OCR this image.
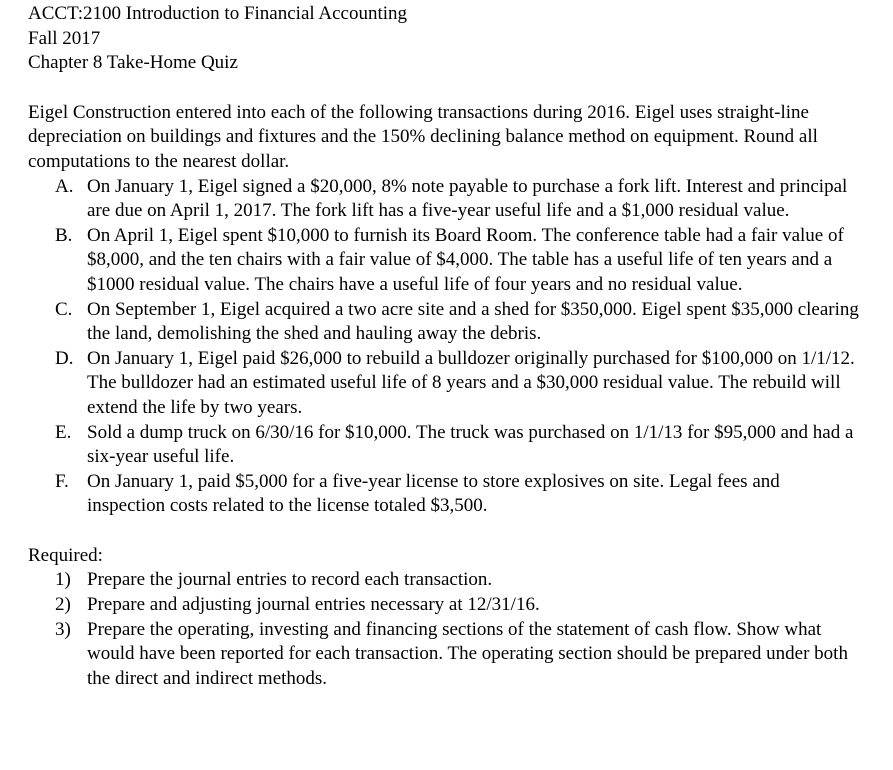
ACCT:2100 Introduction to Financial Accounting
Fall 2017
Chapter 8 Take-Home Quiz

Eigel Construction entered into each of the following transactions during 2016. Eigel uses straight-line depreciation on buildings and fixtures and the 150% declining balance method on equipment. Round all computations to the nearest dollar.

A. On January 1, Eigel signed a $20,000, 8% note payable to purchase a fork lift. Interest and principal are due on April 1, 2017. The fork lift has a five-year useful life and a $1,000 residual value.
B. On April 1, Eigel spent $10,000 to furnish its Board Room. The conference table had a fair value of $8,000, and the ten chairs with a fair value of $4,000. The table has a useful life of ten years and a $1000 residual value. The chairs have a useful life of four years and no residual value.
C. On September 1, Eigel acquired a two acre site and a shed for $350,000. Eigel spent $35,000 clearing the land, demolishing the shed and hauling away the debris.
D. On January 1, Eigel paid $26,000 to rebuild a bulldozer originally purchased for $100,000 on 1/1/12. The bulldozer had an estimated useful life of 8 years and a $30,000 residual value. The rebuild will extend the life by two years.
E. Sold a dump truck on 6/30/16 for $10,000. The truck was purchased on 1/1/13 for $95,000 and had a six-year useful life.
F. On January 1, paid $5,000 for a five-year license to store explosives on site. Legal fees and inspection costs related to the license totaled $3,500.
Required:
1) Prepare the journal entries to record each transaction.
2) Prepare and adjusting journal entries necessary at 12/31/16.
3) Prepare the operating, investing and financing sections of the statement of cash flow. Show what would have been reported for each transaction. The operating section should be prepared under both the direct and indirect methods.
